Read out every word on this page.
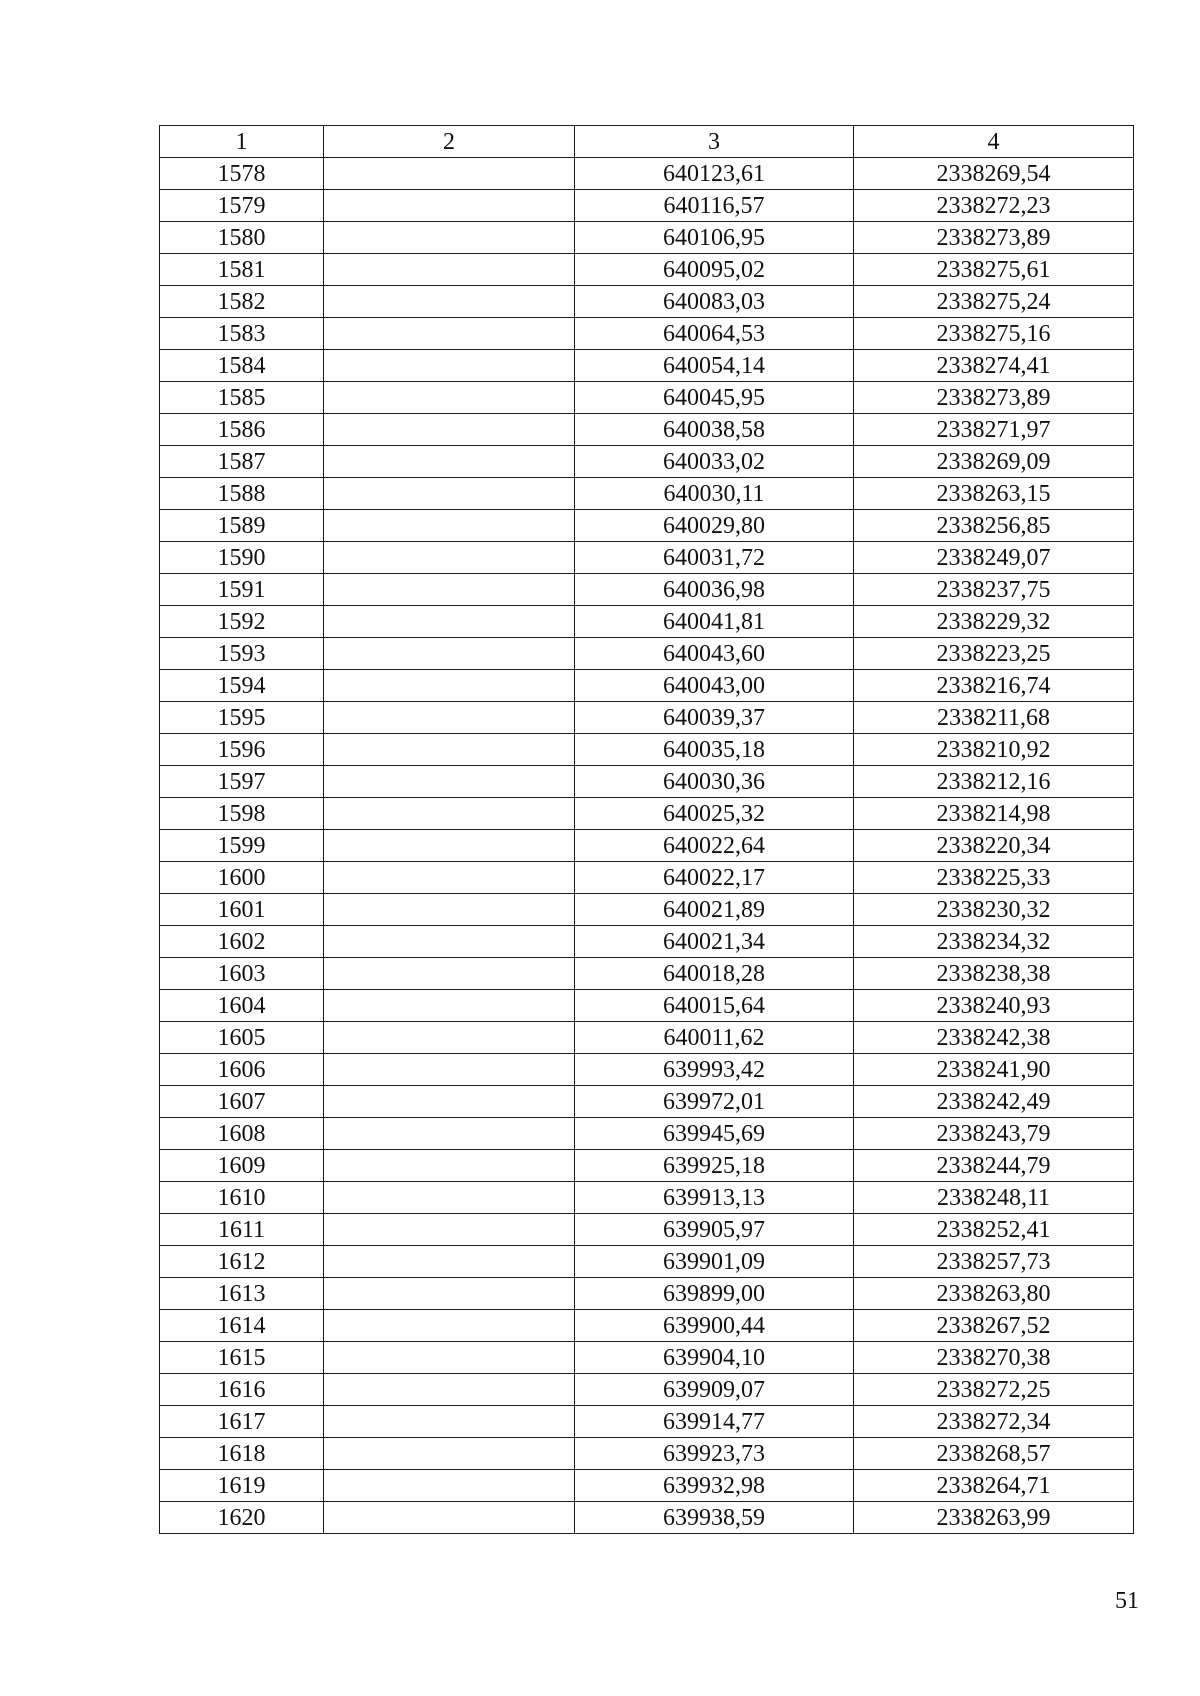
1	2	3	4
1578		640123,61	2338269,54
1579		640116,57	2338272,23
1580		640106,95	2338273,89
1581		640095,02	2338275,61
1582		640083,03	2338275,24
1583		640064,53	2338275,16
1584		640054,14	2338274,41
1585		640045,95	2338273,89
1586		640038,58	2338271,97
1587		640033,02	2338269,09
1588		640030,11	2338263,15
1589		640029,80	2338256,85
1590		640031,72	2338249,07
1591		640036,98	2338237,75
1592		640041,81	2338229,32
1593		640043,60	2338223,25
1594		640043,00	2338216,74
1595		640039,37	2338211,68
1596		640035,18	2338210,92
1597		640030,36	2338212,16
1598		640025,32	2338214,98
1599		640022,64	2338220,34
1600		640022,17	2338225,33
1601		640021,89	2338230,32
1602		640021,34	2338234,32
1603		640018,28	2338238,38
1604		640015,64	2338240,93
1605		640011,62	2338242,38
1606		639993,42	2338241,90
1607		639972,01	2338242,49
1608		639945,69	2338243,79
1609		639925,18	2338244,79
1610		639913,13	2338248,11
1611		639905,97	2338252,41
1612		639901,09	2338257,73
1613		639899,00	2338263,80
1614		639900,44	2338267,52
1615		639904,10	2338270,38
1616		639909,07	2338272,25
1617		639914,77	2338272,34
1618		639923,73	2338268,57
1619		639932,98	2338264,71
1620		639938,59	2338263,99
51
